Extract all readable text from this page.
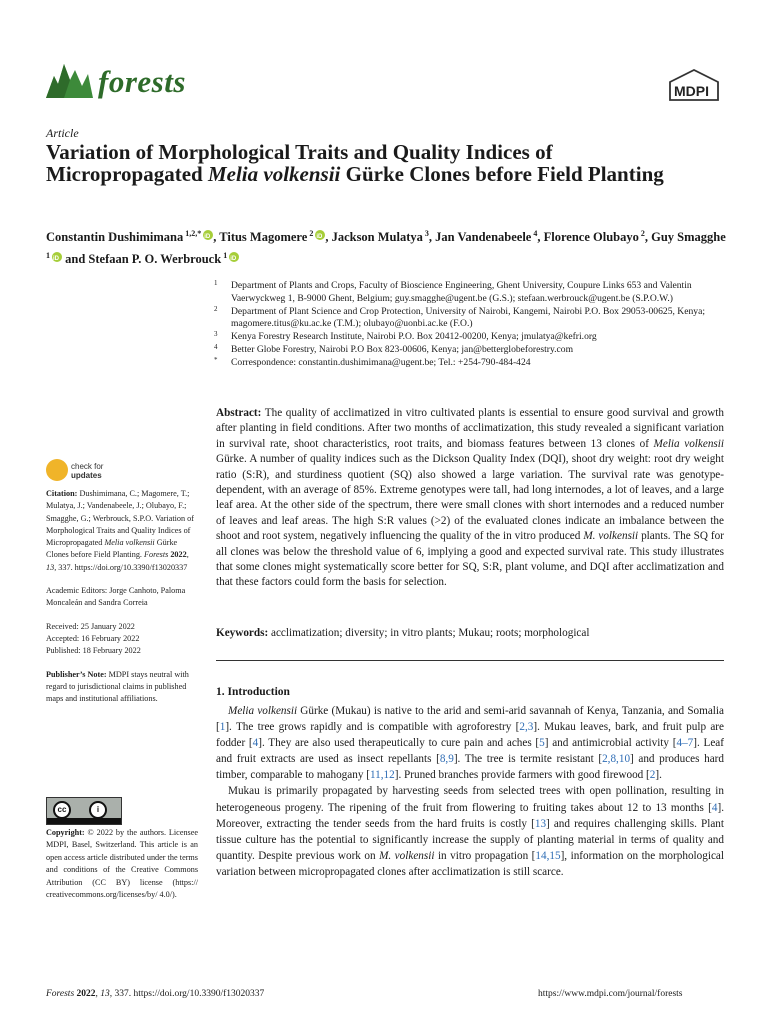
forests	MDPI
Article
Variation of Morphological Traits and Quality Indices of Micropropagated Melia volkensii Gürke Clones before Field Planting
Constantin Dushimimana $^{1,2,*}$ iD , Titus Magomere $^2$ iD , Jackson Mulatya $^3$, Jan Vandenabeele $^4$, Florence Olubayo $^2$, Guy Smagghe $^1$iD and Stefaan P. O. Werbrouck $^1$iD
1 Department of Plants and Crops, Faculty of Bioscience Engineering, Ghent University, Coupure Links 653 and Valentin Vaerwyckweg 1, B-9000 Ghent, Belgium; guy.smagghe@ugent.be (G.S.); stefaan.werbrouck@ugent.be (S.P.O.W.)
2 Department of Plant Science and Crop Protection, University of Nairobi, Kangemi, Nairobi P.O. Box 29053-00625, Kenya; magomere.titus@ku.ac.ke (T.M.); olubayo@uonbi.ac.ke (F.O.)
3 Kenya Forestry Research Institute, Nairobi P.O. Box 20412-00200, Kenya; jmulatya@kefri.org
4 Better Globe Forestry, Nairobi P.O Box 823-00606, Kenya; jan@betterglobeforestry.com
* Correspondence: constantin.dushimimana@ugent.be; Tel.: +254-790-484-424
Abstract: The quality of acclimatized in vitro cultivated plants is essential to ensure good survival and growth after planting in field conditions. After two months of acclimatization, this study revealed a significant variation in survival rate, shoot characteristics, root traits, and biomass features between 13 clones of Melia volkensii Gürke. A number of quality indices such as the Dickson Quality Index (DQI), shoot dry weight: root dry weight ratio (S:R), and sturdiness quotient (SQ) also showed a large variation. The survival rate was genotype-dependent, with an average of 85%. Extreme genotypes were tall, had long internodes, a lot of leaves, and a large leaf area. At the other side of the spectrum, there were small clones with short internodes and a reduced number of leaves and leaf areas. The high S:R values (>2) of the evaluated clones indicate an imbalance between the shoot and root system, negatively influencing the quality of the in vitro produced M. volkensii plants. The SQ for all clones was below the threshold value of 6, implying a good and expected survival rate. This study illustrates that some clones might systematically score better for SQ, S:R, plant volume, and DQI after acclimatization and that these factors could form the basis for selection.
Keywords: acclimatization; diversity; in vitro plants; Mukau; roots; morphological
1. Introduction

Melia volkensii Gürke (Mukau) is native to the arid and semi-arid savannah of Kenya, Tanzania, and Somalia [1]. The tree grows rapidly and is compatible with agroforestry [2,3]. Mukau leaves, bark, and fruit pulp are fodder [4]. They are also used therapeutically to cure pain and aches [5] and antimicrobial activity [4–7]. Leaf and fruit extracts are used as insect repellants [8,9]. The tree is termite resistant [2,8,10] and produces hard timber, comparable to mahogany [11,12]. Pruned branches provide farmers with good firewood [2].

Mukau is primarily propagated by harvesting seeds from selected trees with open pollination, resulting in heterogeneous progeny. The ripening of the fruit from flowering to fruiting takes about 12 to 13 months [4]. Moreover, extracting the tender seeds from the hard fruits is costly [13] and requires challenging skills. Plant tissue culture has the potential to significantly increase the supply of planting material in terms of quality and quantity. Despite previous work on M. volkensii in vitro propagation [14,15], information on the morphological variation between micropropagated clones after acclimatization is still scarce.

check for
updates
Citation: Dushimimana, C.; Magomere, T.; Mulatya, J.; Vandenabeele, J.; Olubayo, F.; Smagghe, G.; Werbrouck, S.P.O. Variation of Morphological Traits and Quality Indices of Micropropagated Melia volkensii Gürke Clones before Field Planting. Forests 2022, 13, 337. https://doi.org/10.3390/f13020337
Academic Editors: Jorge Canhoto, Paloma Moncaleán and Sandra Correia
Received: 25 January 2022
Accepted: 16 February 2022
Published: 18 February 2022
Publisher’s Note: MDPI stays neutral with regard to jurisdictional claims in published maps and institutional affiliations.
cc	i
Copyright: © 2022 by the authors. Licensee MDPI, Basel, Switzerland. This article is an open access article distributed under the terms and conditions of the Creative Commons Attribution (CC BY) license (https:// creativecommons.org/licenses/by/ 4.0/).
Forests 2022, 13, 337. https://doi.org/10.3390/f13020337	https://www.mdpi.com/journal/forests
